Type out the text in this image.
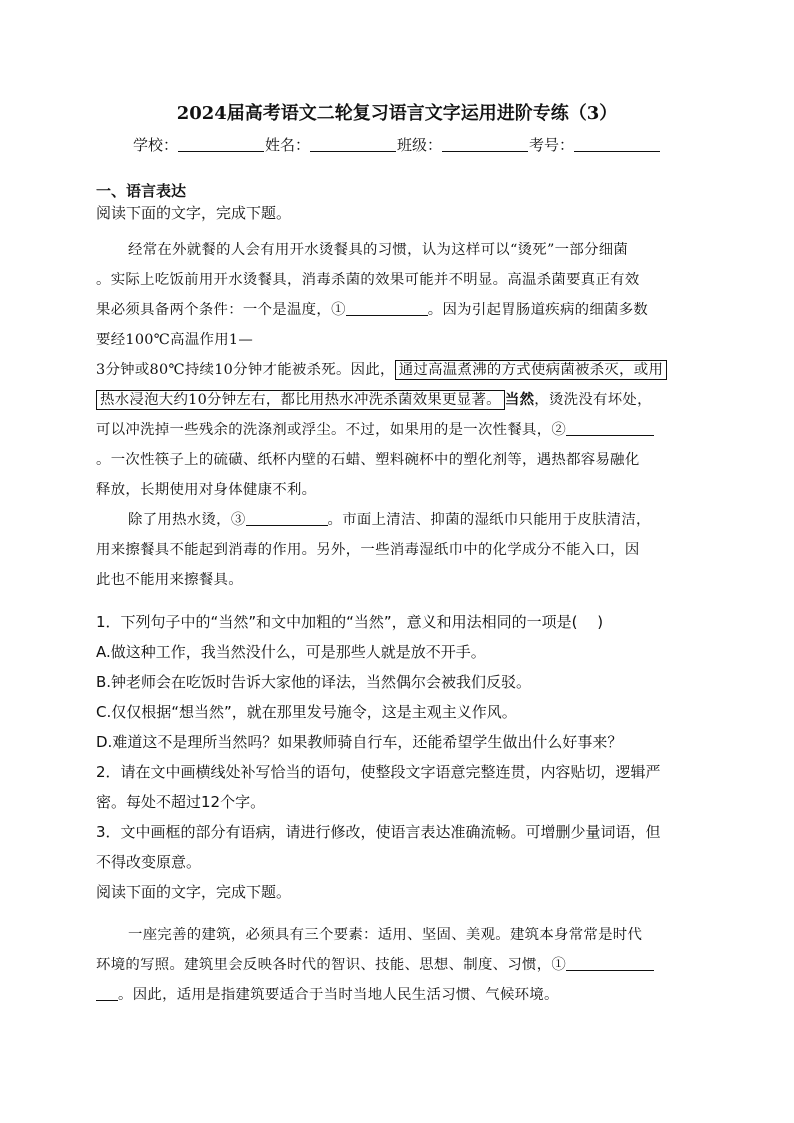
2024届高考语文二轮复习语言文字运用进阶专练（3）
学校：	姓名：	班级：	考号：
一、语言表达
阅读下面的文字，完成下题。
经常在外就餐的人会有用开水烫餐具的习惯，认为这样可以“烫死”一部分细菌
。实际上吃饭前用开水烫餐具，消毒杀菌的效果可能并不明显。高温杀菌要真正有效
果必须具备两个条件：一个是温度，①	。因为引起胃肠道疾病的细菌多数
要经100℃高温作用1—
3分钟或80℃持续10分钟才能被杀死。因此， 通过高温煮沸的方式使病菌被杀灭，或用
热水浸泡大约10分钟左右，都比用热水冲洗杀菌效果更显著。 当然，烫洗没有坏处，
可以冲洗掉一些残余的洗涤剂或浮尘。不过，如果用的是一次性餐具，②
。一次性筷子上的硫磺、纸杯内壁的石蜡、塑料碗杯中的塑化剂等，遇热都容易融化
释放，长期使用对身体健康不利。
除了用热水烫，③	。市面上清洁、抑菌的湿纸巾只能用于皮肤清洁，
用来擦餐具不能起到消毒的作用。另外，一些消毒湿纸巾中的化学成分不能入口，因
此也不能用来擦餐具。
1．下列句子中的“当然”和文中加粗的“当然”，意义和用法相同的一项是(　 )
A.做这种工作，我当然没什么，可是那些人就是放不开手。
B.钟老师会在吃饭时告诉大家他的译法，当然偶尔会被我们反驳。
C.仅仅根据“想当然”，就在那里发号施令，这是主观主义作风。
D.难道这不是理所当然吗？如果教师骑自行车，还能希望学生做出什么好事来？
2．请在文中画横线处补写恰当的语句，使整段文字语意完整连贯，内容贴切，逻辑严
密。每处不超过12个字。
3．文中画框的部分有语病，请进行修改，使语言表达准确流畅。可增删少量词语，但
不得改变原意。
阅读下面的文字，完成下题。
一座完善的建筑，必须具有三个要素：适用、坚固、美观。建筑本身常常是时代
环境的写照。建筑里会反映各时代的智识、技能、思想、制度、习惯，①
。因此，适用是指建筑要适合于当时当地人民生活习惯、气候环境。
